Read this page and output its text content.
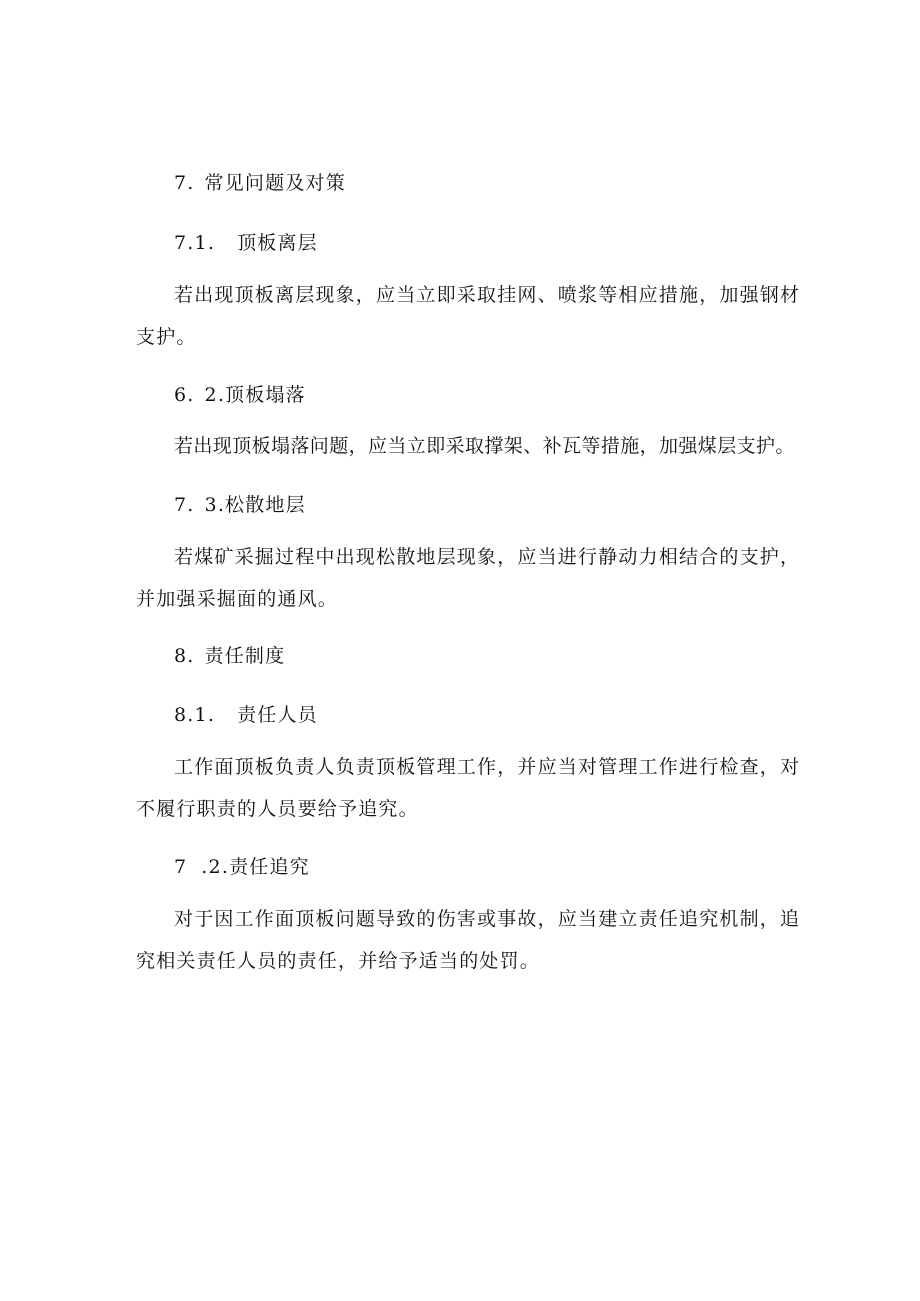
7. 常见问题及对策
7.1. 顶板离层
若出现顶板离层现象，应当立即采取挂网、喷浆等相应措施，加强钢材
支护。
6. 2.顶板塌落
若出现顶板塌落问题，应当立即采取撑架、补瓦等措施，加强煤层支护。
7. 3.松散地层
若煤矿采掘过程中出现松散地层现象，应当进行静动力相结合的支护，
并加强采掘面的通风。
8. 责任制度
8.1. 责任人员
工作面顶板负责人负责顶板管理工作，并应当对管理工作进行检查，对
不履行职责的人员要给予追究。
7 .2.责任追究
对于因工作面顶板问题导致的伤害或事故，应当建立责任追究机制，追
究相关责任人员的责任，并给予适当的处罚。
